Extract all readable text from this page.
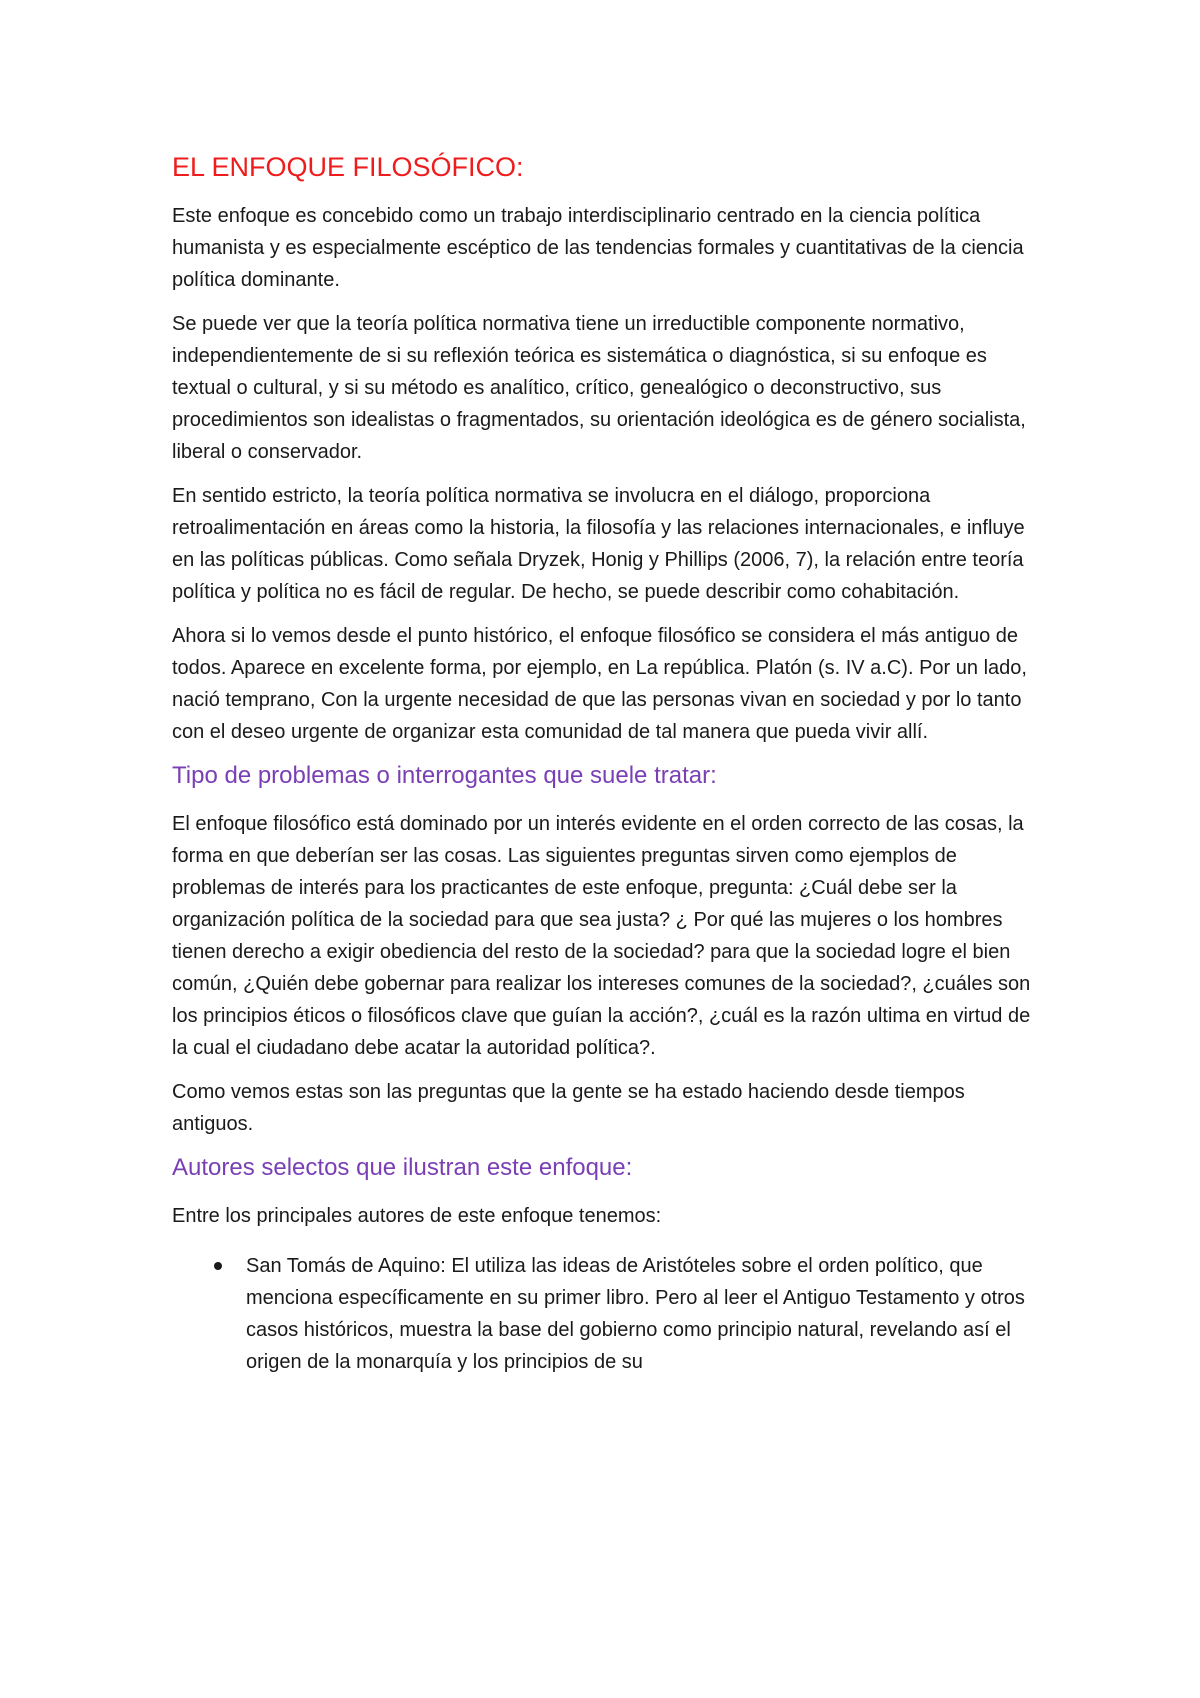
EL ENFOQUE FILOSÓFICO:

Este enfoque es concebido como un trabajo interdisciplinario centrado en la ciencia política humanista y es especialmente escéptico de las tendencias formales y cuantitativas de la ciencia política dominante.

Se puede ver que la teoría política normativa tiene un irreductible componente normativo, independientemente de si su reflexión teórica es sistemática o diagnóstica, si su enfoque es textual o cultural, y si su método es analítico, crítico, genealógico o deconstructivo, sus procedimientos son idealistas o fragmentados, su orientación ideológica es de género socialista, liberal o conservador.

En sentido estricto, la teoría política normativa se involucra en el diálogo, proporciona retroalimentación en áreas como la historia, la filosofía y las relaciones internacionales, e influye en las políticas públicas. Como señala Dryzek, Honig y Phillips (2006, 7), la relación entre teoría política y política no es fácil de regular. De hecho, se puede describir como cohabitación.

Ahora si lo vemos desde el punto histórico, el enfoque filosófico se considera el más antiguo de todos. Aparece en excelente forma, por ejemplo, en La república. Platón (s. IV a.C). Por un lado, nació temprano, Con la urgente necesidad de que las personas vivan en sociedad y por lo tanto con el deseo urgente de organizar esta comunidad de tal manera que pueda vivir allí.

Tipo de problemas o interrogantes que suele tratar:

El enfoque filosófico está dominado por un interés evidente en el orden correcto de las cosas, la forma en que deberían ser las cosas. Las siguientes preguntas sirven como ejemplos de problemas de interés para los practicantes de este enfoque, pregunta: ¿Cuál debe ser la organización política de la sociedad para que sea justa? ¿ Por qué las mujeres o los hombres tienen derecho a exigir obediencia del resto de la sociedad? para que la sociedad logre el bien común, ¿Quién debe gobernar para realizar los intereses comunes de la sociedad?, ¿cuáles son los principios éticos o filosóficos clave que guían la acción?, ¿cuál es la razón ultima en virtud de la cual el ciudadano debe acatar la autoridad política?.

Como vemos estas son las preguntas que la gente se ha estado haciendo desde tiempos antiguos.

Autores selectos que ilustran este enfoque:

Entre los principales autores de este enfoque tenemos:

San Tomás de Aquino: El utiliza las ideas de Aristóteles sobre el orden político, que menciona específicamente en su primer libro. Pero al leer el Antiguo Testamento y otros casos históricos, muestra la base del gobierno como principio natural, revelando así el origen de la monarquía y los principios de su
